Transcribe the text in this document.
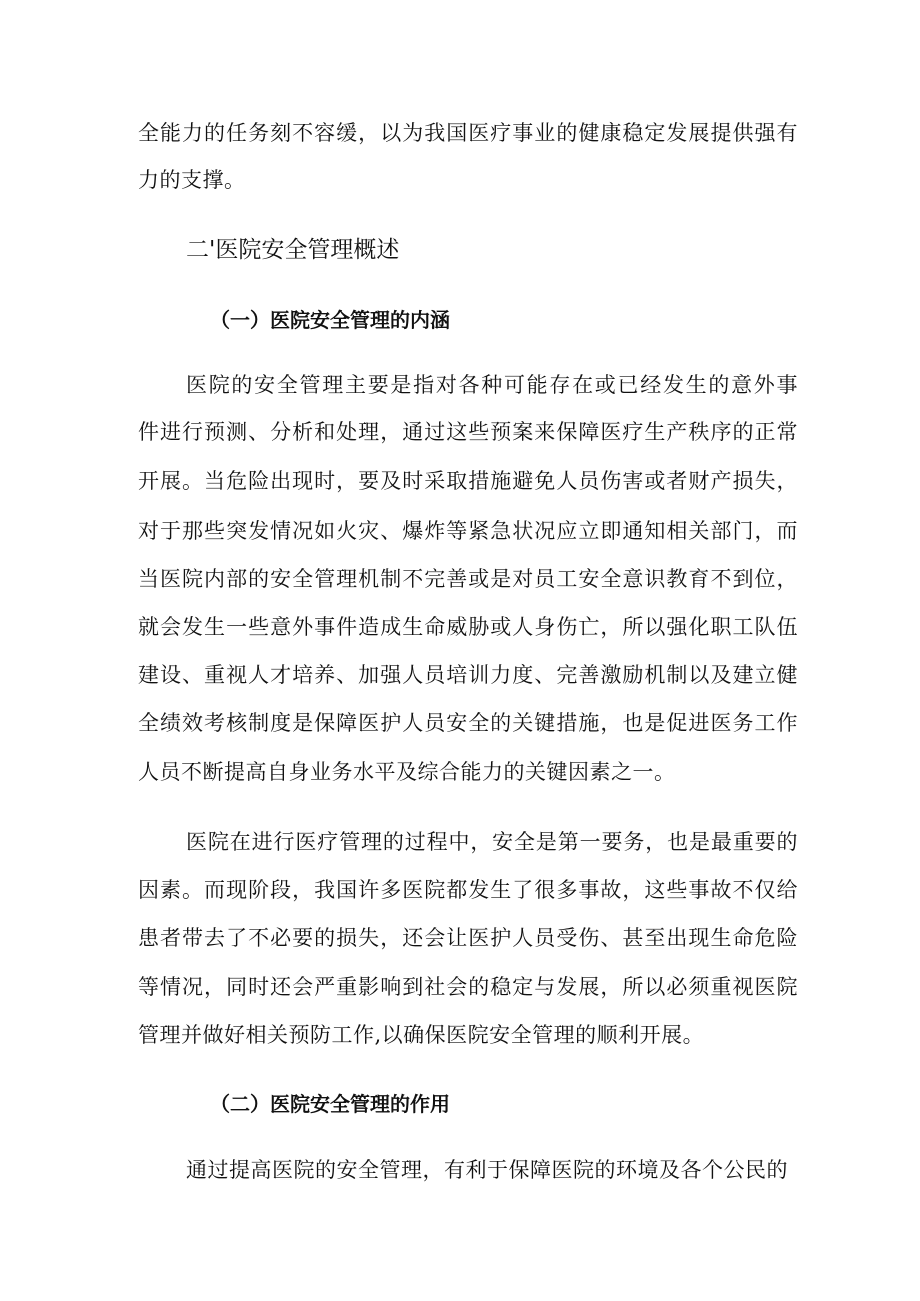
全能力的任务刻不容缓，以为我国医疗事业的健康稳定发展提供强有
力的支撑。
二'医院安全管理概述
（一）医院安全管理的内涵
医院的安全管理主要是指对各种可能存在或已经发生的意外事
件进行预测、分析和处理，通过这些预案来保障医疗生产秩序的正常
开展。当危险出现时，要及时采取措施避免人员伤害或者财产损失，
对于那些突发情况如火灾、爆炸等紧急状况应立即通知相关部门，而
当医院内部的安全管理机制不完善或是对员工安全意识教育不到位，
就会发生一些意外事件造成生命威胁或人身伤亡，所以强化职工队伍
建设、重视人才培养、加强人员培训力度、完善激励机制以及建立健
全绩效考核制度是保障医护人员安全的关键措施，也是促进医务工作
人员不断提高自身业务水平及综合能力的关键因素之一。
医院在进行医疗管理的过程中，安全是第一要务，也是最重要的
因素。而现阶段，我国许多医院都发生了很多事故，这些事故不仅给
患者带去了不必要的损失，还会让医护人员受伤、甚至出现生命危险
等情况，同时还会严重影响到社会的稳定与发展，所以必须重视医院
管理并做好相关预防工作,以确保医院安全管理的顺利开展。
（二）医院安全管理的作用
通过提高医院的安全管理，有利于保障医院的环境及各个公民的
